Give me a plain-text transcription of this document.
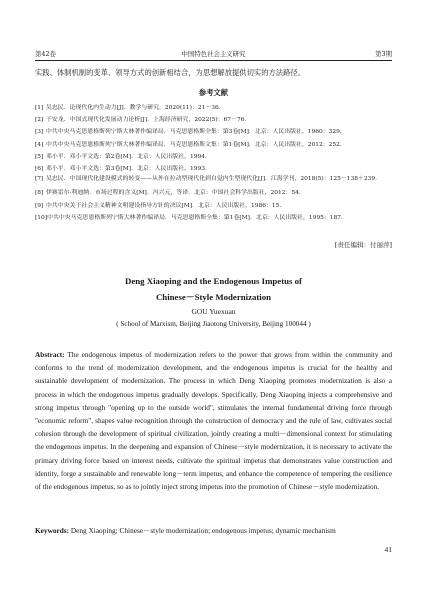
第42卷	中国特色社会主义研究	第3期
实践、体制机制的变革、领导方式的创新相结合，为思想解放提供切实的方法路径。
参考文献
[1] 吴忠民．论现代化内生动力[J]．教学与研究，2020(11)：21－36.
[2] 于安龙．中国式现代化发展动力论析[J]．上海经济研究，2022(5)：67－76.
[3] 中共中央马克思恩格斯列宁斯大林著作编译局．马克思恩格斯全集：第3卷[M]．北京：人民出版社，1960：329.
[4] 中共中央马克思恩格斯列宁斯大林著作编译局．马克思恩格斯文集：第1卷[M]．北京：人民出版社，2012：252.
[5] 邓小平．邓小平文选：第2卷[M]．北京：人民出版社，1994.
[6] 邓小平．邓小平文选：第3卷[M]．北京：人民出版社，1993.
[7] 吴忠民．中国现代化建设模式的转变——从外在拉动型现代化到自觉内生型现代化[J]．江海学刊，2018(5)：125－138＋239.
[8] 伊赛雷尔·利迪纳．市场过程的含义[M]．冯兴元，等译．北京：中国社会科学出版社，2012：54.
[9] 中共中央关于社会主义精神文明建设指导方针的决议[M]．北京：人民出版社，1986：15.
[10]中共中央马克思恩格斯列宁斯大林著作编译局．马克思恩格斯全集：第1卷[M]．北京：人民出版社，1995：187.
[责任编辑：付丽萍]
Deng Xiaoping and the Endogenous Impetus of
Chinese－Style Modernization
GOU Yuexuan
( School of Marxism, Beijing Jiaotong University, Beijing 100044 )
Abstract: The endogenous impetus of modernization refers to the power that grows from within the community and conforms to the trend of modernization development, and the endogenous impetus is crucial for the healthy and sustainable development of modernization. The process in which Deng Xiaoping promotes modernization is also a process in which the endogenous impetus gradually develops. Specifically, Deng Xiaoping injects a comprehensive and strong impetus through "opening up to the outside world", stimulates the internal fundamental driving force through "economic reform", shapes value recognition through the construction of democracy and the rule of law, cultivates social cohesion through the development of spiritual civilization, jointly creating a multi－dimensional context for stimulating the endogenous impetus. In the deepening and expansion of Chinese－style modernization, it is necessary to activate the primary driving force based on interest needs, cultivate the spiritual impetus that demonstrates value construction and identity, forge a sustainable and renewable long－term impetus, and enhance the competence of tempering the resilience of the endogenous impetus, so as to jointly inject strong impetus into the promotion of Chinese－style modernization.
Keywords: Deng Xiaoping; Chinese－style modernization; endogenous impetus; dynamic mechanism
41
